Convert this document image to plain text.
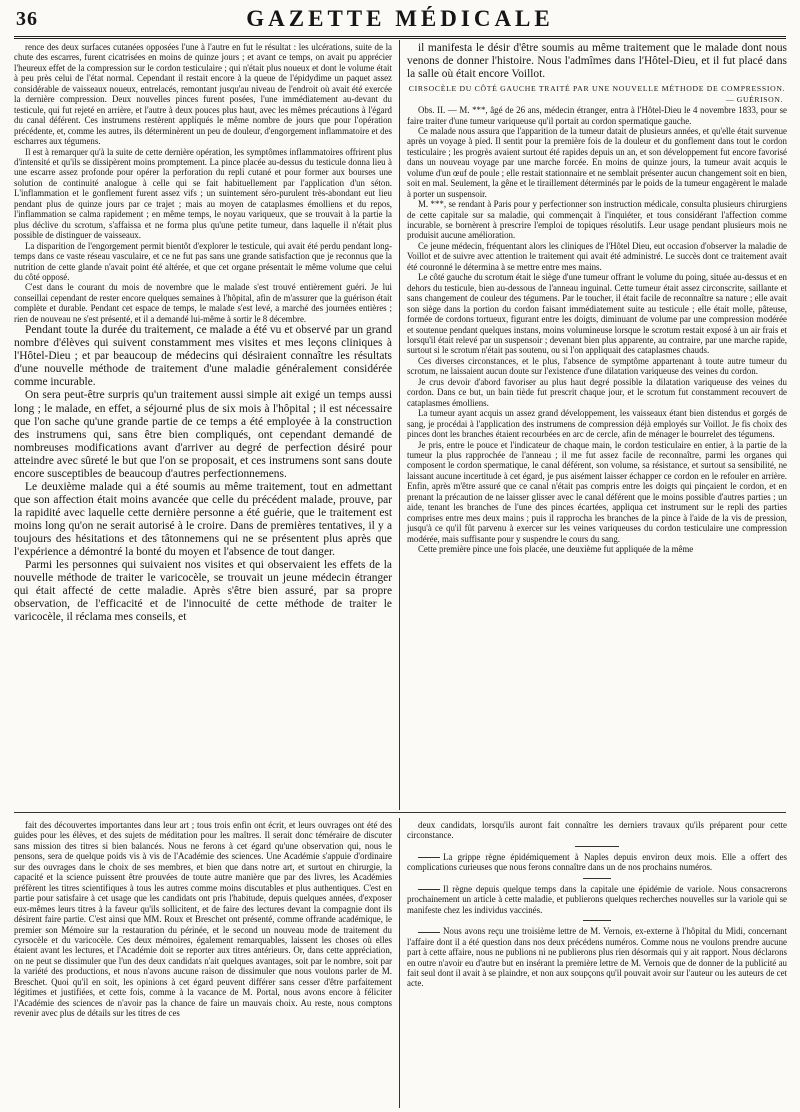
36	GAZETTE MÉDICALE

rence des deux surfaces cutanées opposées l'une à l'autre en fut le résultat : les ulcérations, suite de la chute des escarres, furent cicatrisées en moins de quinze jours ; et avant ce temps, on avait pu apprécier l'heureux effet de la compression sur le cordon testiculaire ; qui n'était plus noueux et dont le volume était à peu près celui de l'état normal. Cependant il restait encore à la queue de l'épidydime un paquet assez considérable de vaisseaux noueux, entrelacés, remontant jusqu'au niveau de l'endroit où avait été exercée la dernière compression. Deux nouvelles pinces furent posées, l'une immédiatement au-devant du testicule, qui fut rejeté en arrière, et l'autre à deux pouces plus haut, avec les mêmes précautions à l'égard du canal déférent. Ces instrumens restèrent appliqués le même nombre de jours que pour l'opération précédente, et, comme les autres, ils déterminèrent un peu de douleur, d'engorgement inflammatoire et des escharres aux tégumens.

Il est à remarquer qu'à la suite de cette dernière opération, les symptômes inflammatoires offrirent plus d'intensité et qu'ils se dissipèrent moins promptement. La pince placée au-dessus du testicule donna lieu à une escarre assez profonde pour opérer la perforation du repli cutané et pour former aux bourses une solution de continuité analogue à celle qui se fait habituellement par l'application d'un séton. L'inflammation et le gonflement furent assez vifs ; un suintement séro-purulent très-abondant eut lieu pendant plus de quinze jours par ce trajet ; mais au moyen de cataplasmes émolliens et du repos, l'inflammation se calma rapidement ; en même temps, le noyau variqueux, que se trouvait à la partie la plus déclive du scrotum, s'affaissa et ne forma plus qu'une petite tumeur, dans laquelle il n'était plus possible de distinguer de vaisseaux.

La disparition de l'engorgement permit bientôt d'explorer le testicule, qui avait été perdu pendant long-temps dans ce vaste réseau vasculaire, et ce ne fut pas sans une grande satisfaction que je reconnus que la nutrition de cette glande n'avait point été altérée, et que cet organe présentait le même volume que celui du côté opposé.

C'est dans le courant du mois de novembre que le malade s'est trouvé entièrement guéri. Je lui conseillai cependant de rester encore quelques semaines à l'hôpital, afin de m'assurer que la guérison était complète et durable. Pendant cet espace de temps, le malade s'est levé, a marché des journées entières ; rien de nouveau ne s'est présenté, et il a demandé lui-même à sortir le 8 décembre.

Pendant toute la durée du traitement, ce malade a été vu et observé par un grand nombre d'élèves qui suivent constamment mes visites et mes leçons cliniques à l'Hôtel-Dieu ; et par beaucoup de médecins qui désiraient connaître les résultats d'une nouvelle méthode de traitement d'une maladie généralement considérée comme incurable.

On sera peut-être surpris qu'un traitement aussi simple ait exigé un temps aussi long ; le malade, en effet, a séjourné plus de six mois à l'hôpital ; il est nécessaire que l'on sache qu'une grande partie de ce temps a été employée à la construction des instrumens qui, sans être bien compliqués, ont cependant demandé de nombreuses modifications avant d'arriver au degré de perfection désiré pour atteindre avec sûreté le but que l'on se proposait, et ces instrumens sont sans doute encore susceptibles de beaucoup d'autres perfectionnemens.

Le deuxième malade qui a été soumis au même traitement, tout en admettant que son affection était moins avancée que celle du précédent malade, prouve, par la rapidité avec laquelle cette dernière personne a été guérie, que le traitement est moins long qu'on ne serait autorisé à le croire. Dans de premières tentatives, il y a toujours des hésitations et des tâtonnemens qui ne se présentent plus après que l'expérience a démontré la bonté du moyen et l'absence de tout danger.

Parmi les personnes qui suivaient nos visites et qui observaient les effets de la nouvelle méthode de traiter le varicocèle, se trouvait un jeune médecin étranger qui était affecté de cette maladie. Après s'être bien assuré, par sa propre observation, de l'efficacité et de l'innocuité de cette méthode de traiter le varicocèle, il réclama mes conseils, et

il manifesta le désir d'être soumis au même traitement que le malade dont nous venons de donner l'histoire. Nous l'admîmes dans l'Hôtel-Dieu, et il fut placé dans la salle où était encore Voillot.

CIRSOCÈLE DU CÔTÉ GAUCHE TRAITÉ PAR UNE NOUVELLE MÉTHODE DE COMPRESSION.

— GUÉRISON.

Obs. II. — M. ***, âgé de 26 ans, médecin étranger, entra à l'Hôtel-Dieu le 4 novembre 1833, pour se faire traiter d'une tumeur variqueuse qu'il portait au cordon spermatique gauche.

Ce malade nous assura que l'apparition de la tumeur datait de plusieurs années, et qu'elle était survenue après un voyage à pied. Il sentit pour la première fois de la douleur et du gonflement dans tout le cordon testiculaire ; les progrès avaient surtout été rapides depuis un an, et son développement fut encore favorisé dans un nouveau voyage par une marche forcée. En moins de quinze jours, la tumeur avait acquis le volume d'un œuf de poule ; elle restait stationnaire et ne semblait présenter aucun changement soit en bien, soit en mal. Seulement, la gêne et le tiraillement déterminés par le poids de la tumeur engagèrent le malade à porter un suspensoir.

M. ***, se rendant à Paris pour y perfectionner son instruction médicale, consulta plusieurs chirurgiens de cette capitale sur sa maladie, qui commençait à l'inquiéter, et tous considérant l'affection comme incurable, se bornèrent à prescrire l'emploi de topiques résolutifs. Leur usage pendant plusieurs mois ne produisit aucune amélioration.

Ce jeune médecin, fréquentant alors les cliniques de l'Hôtel Dieu, eut occasion d'observer la maladie de Voillot et de suivre avec attention le traitement qui avait été administré. Le succès dont ce traitement avait été couronné le détermina à se mettre entre mes mains.

Le côté gauche du scrotum était le siège d'une tumeur offrant le volume du poing, située au-dessus et en dehors du testicule, bien au-dessous de l'anneau inguinal. Cette tumeur était assez circonscrite, saillante et sans changement de couleur des tégumens. Par le toucher, il était facile de reconnaître sa nature ; elle avait son siège dans la portion du cordon faisant immédiatement suite au testicule ; elle était molle, pâteuse, formée de cordons tortueux, figurant entre les doigts, diminuant de volume par une compression modérée et soutenue pendant quelques instans, moins volumineuse lorsque le scrotum restait exposé à un air frais et lorsqu'il était relevé par un suspensoir ; devenant bien plus apparente, au contraire, par une marche rapide, surtout si le scrotum n'était pas soutenu, ou si l'on appliquait des cataplasmes chauds.

Ces diverses circonstances, et le plus, l'absence de symptôme appartenant à toute autre tumeur du scrotum, ne laissaient aucun doute sur l'existence d'une dilatation variqueuse des veines du cordon.

Je crus devoir d'abord favoriser au plus haut degré possible la dilatation variqueuse des veines du cordon. Dans ce but, un bain tiède fut prescrit chaque jour, et le scrotum fut constamment recouvert de cataplasmes émolliens.

La tumeur ayant acquis un assez grand développement, les vaisseaux étant bien distendus et gorgés de sang, je procédai à l'application des instrumens de compression déjà employés sur Voillot. Je fis choix des pinces dont les branches étaient recourbées en arc de cercle, afin de ménager le bourrelet des tégumens.

Je pris, entre le pouce et l'indicateur de chaque main, le cordon testiculaire en entier, à la partie de la tumeur la plus rapprochée de l'anneau ; il me fut assez facile de reconnaître, parmi les organes qui composent le cordon spermatique, le canal déférent, son volume, sa résistance, et surtout sa sensibilité, ne laissant aucune incertitude à cet égard, je pus aisément laisser échapper ce cordon en le refouler en arrière. Enfin, après m'être assuré que ce canal n'était pas compris entre les doigts qui pinçaient le cordon, et en prenant la précaution de ne laisser glisser avec le canal déférent que le moins possible d'autres parties ; un aide, tenant les branches de l'une des pinces écartées, appliqua cet instrument sur le repli des parties comprises entre mes deux mains ; puis il rapprocha les branches de la pince à l'aide de la vis de pression, jusqu'à ce qu'il fût parvenu à exercer sur les veines variqueuses du cordon testiculaire une compression modérée, mais suffisante pour y suspendre le cours du sang.

Cette première pince une fois placée, une deuxième fut appliquée de la même

fait des découvertes importantes dans leur art ; tous trois enfin ont écrit, et leurs ouvrages ont été des guides pour les élèves, et des sujets de méditation pour les maîtres. Il serait donc téméraire de discuter sans mission des titres si bien balancés. Nous ne ferons à cet égard qu'une observation qui, nous le pensons, sera de quelque poids vis à vis de l'Académie des sciences. Une Académie s'appuie d'ordinaire sur des ouvrages dans le choix de ses membres, et bien que dans notre art, et surtout en chirurgie, la capacité et la science puissent être prouvées de toute autre manière que par des livres, les Académies préfèrent les titres scientifiques à tous les autres comme moins discutables et plus authentiques. C'est en partie pour satisfaire à cet usage que les candidats ont pris l'habitude, depuis quelques années, d'exposer eux-mêmes leurs titres à la faveur qu'ils sollicitent, et de faire des lectures devant la compagnie dont ils désirent faire partie. C'est ainsi que MM. Roux et Breschet ont présenté, comme offrande académique, le premier son Mémoire sur la restauration du périnée, et le second un nouveau mode de traitement du cyrsocèle et du varicocèle. Ces deux mémoires, également remarquables, laissent les choses où elles étaient avant les lectures, et l'Académie doit se reporter aux titres antérieurs. Or, dans cette appréciation, on ne peut se dissimuler que l'un des deux candidats n'ait quelques avantages, soit par le nombre, soit par la variété des productions, et nous n'avons aucune raison de dissimuler que nous voulons parler de M. Breschet. Quoi qu'il en soit, les opinions à cet égard peuvent différer sans cesser d'être parfaitement légitimes et justifiées, et cette fois, comme à la vacance de M. Portal, nous avons encore à féliciter l'Académie des sciences de n'avoir pas la chance de faire un mauvais choix. Au reste, nous comptons revenir avec plus de détails sur les titres de ces

deux candidats, lorsqu'ils auront fait connaître les derniers travaux qu'ils préparent pour cette circonstance.

La grippe règne épidémiquement à Naples depuis environ deux mois. Elle a offert des complications curieuses que nous ferons connaître dans un de nos prochains numéros.

Il règne depuis quelque temps dans la capitale une épidémie de variole. Nous consacrerons prochainement un article à cette maladie, et publierons quelques recherches nouvelles sur la variole qui se manifeste chez les individus vaccinés.

Nous avons reçu une troisième lettre de M. Vernois, ex-externe à l'hôpital du Midi, concernant l'affaire dont il a été question dans nos deux précédens numéros. Comme nous ne voulons prendre aucune part à cette affaire, nous ne publions ni ne publierons plus rien désormais qui y ait rapport. Nous déclarons en outre n'avoir eu d'autre but en insérant la première lettre de M. Vernois que de donner de la publicité au fait seul dont il avait à se plaindre, et non aux soupçons qu'il pouvait avoir sur l'auteur ou les auteurs de cet acte.
